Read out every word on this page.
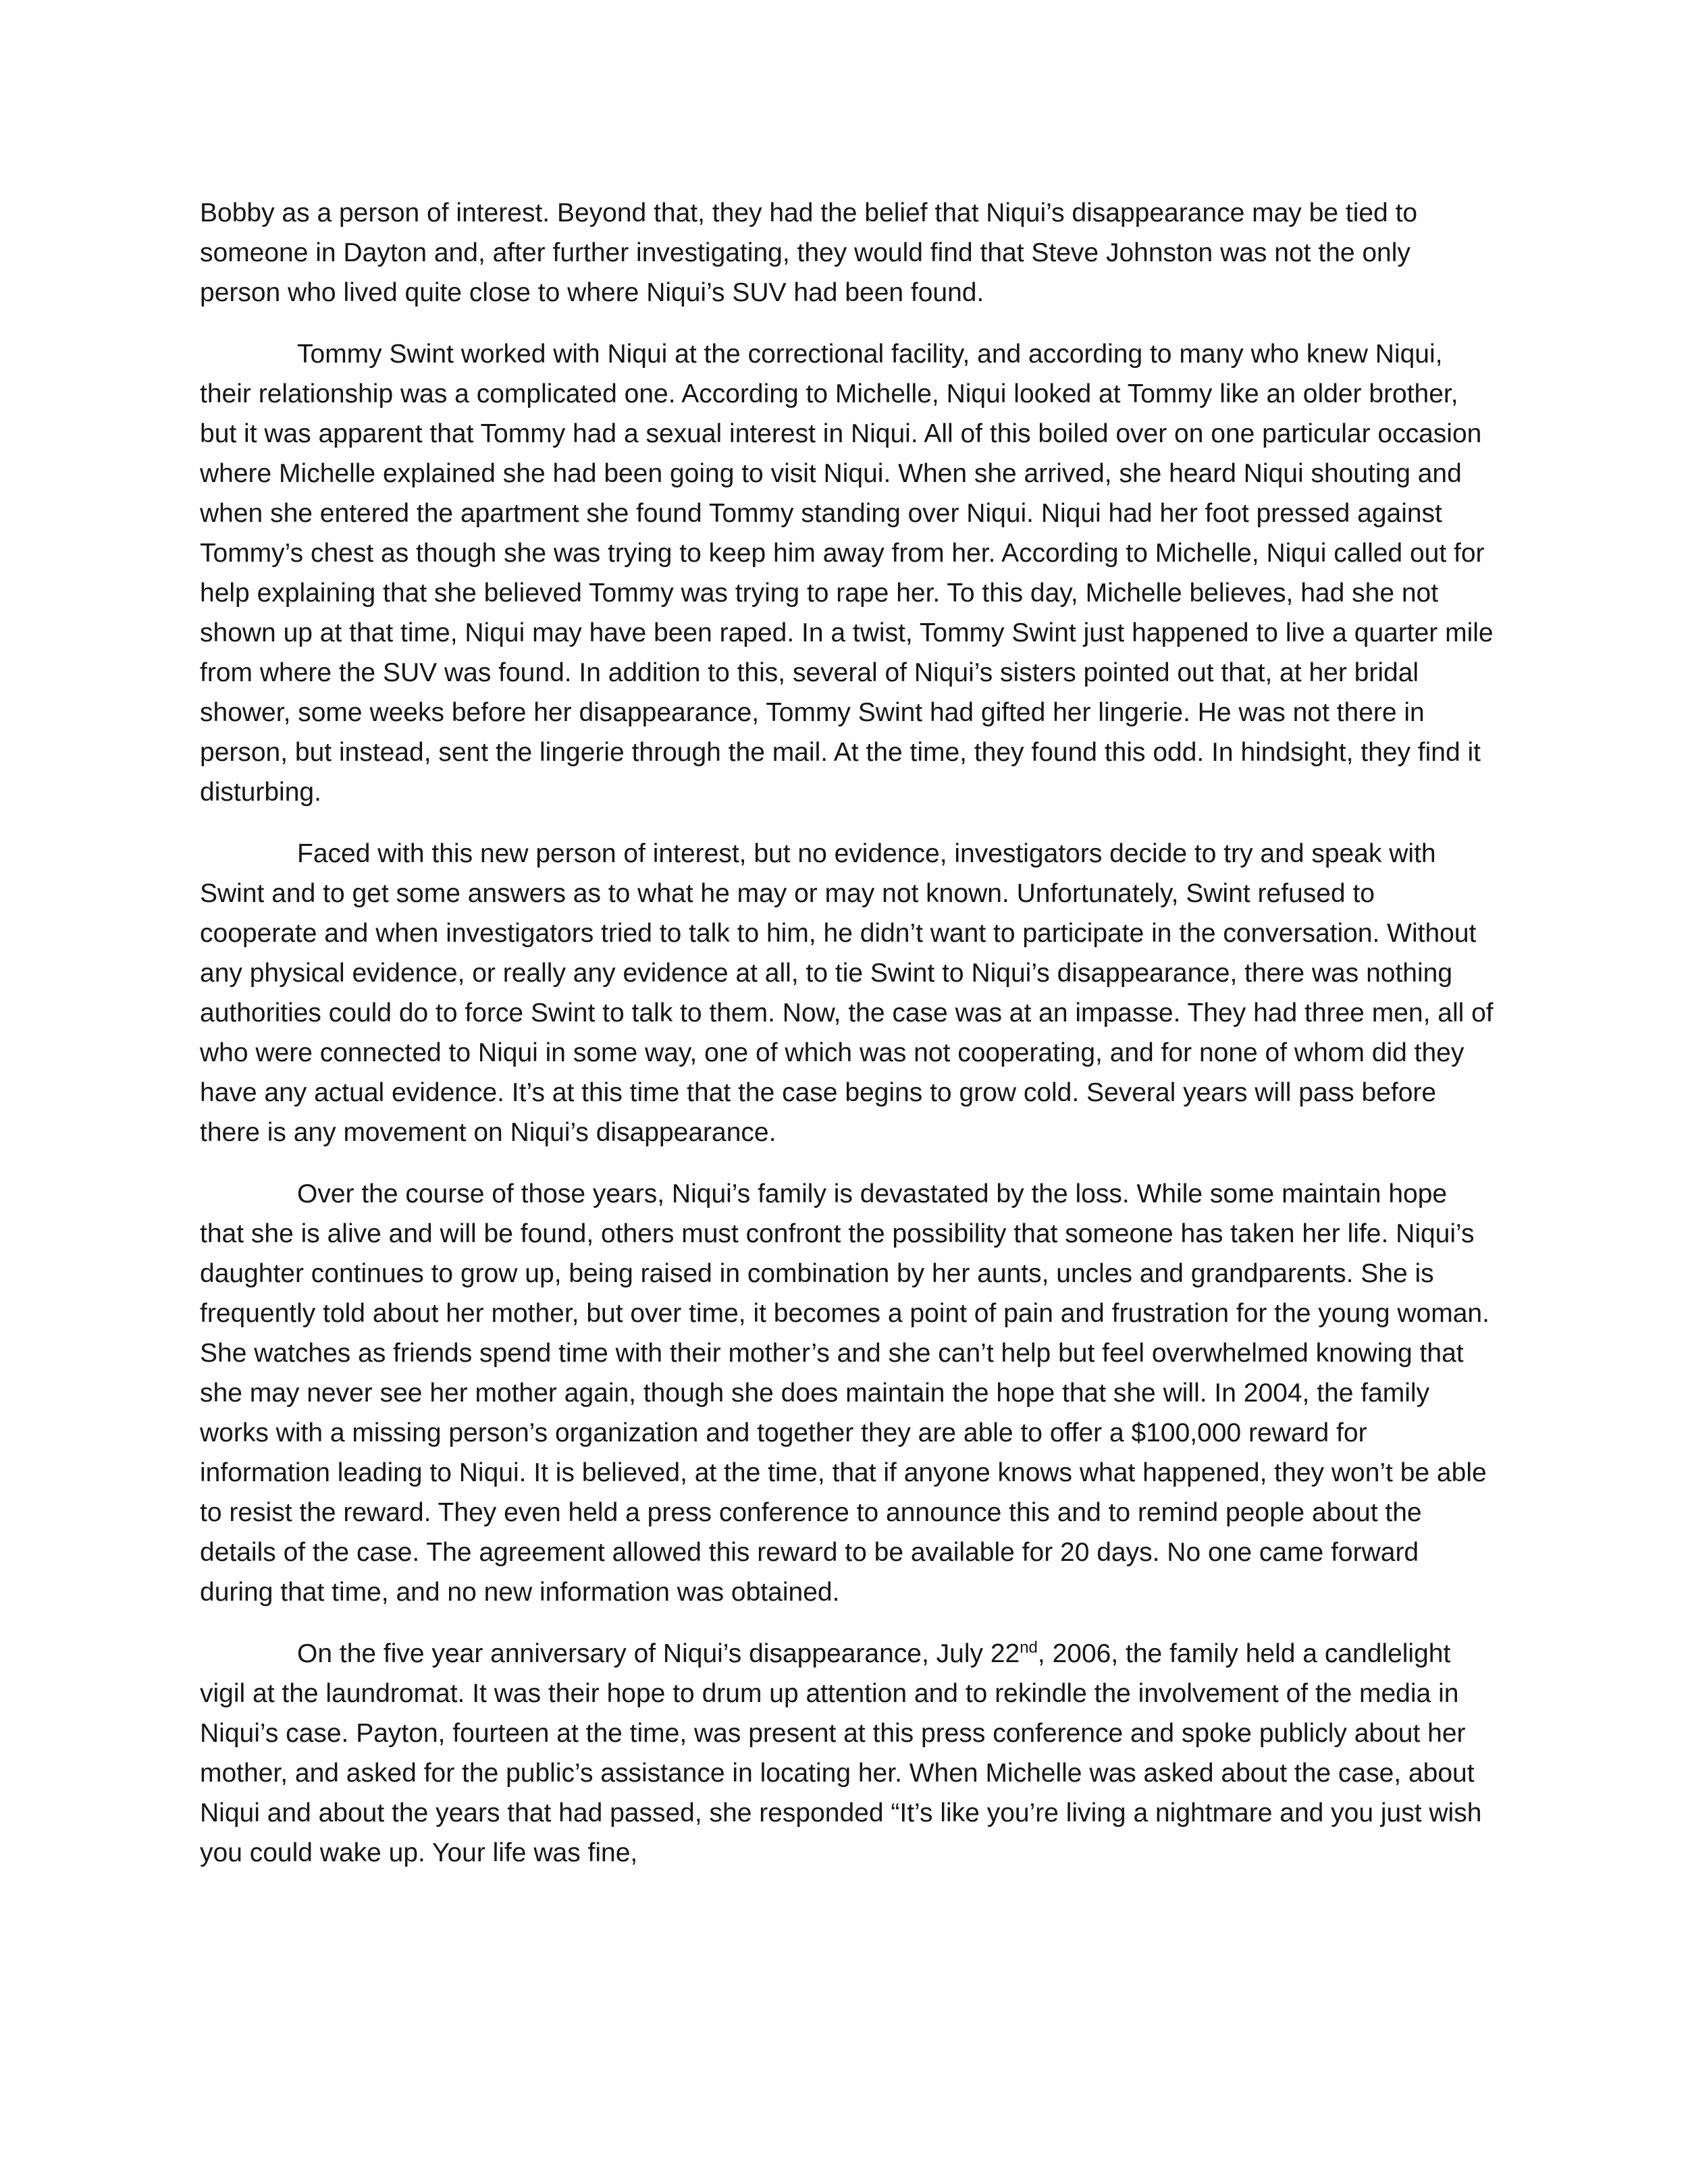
Bobby as a person of interest. Beyond that, they had the belief that Niqui’s disappearance may be tied to someone in Dayton and, after further investigating, they would find that Steve Johnston was not the only person who lived quite close to where Niqui’s SUV had been found.

Tommy Swint worked with Niqui at the correctional facility, and according to many who knew Niqui, their relationship was a complicated one. According to Michelle, Niqui looked at Tommy like an older brother, but it was apparent that Tommy had a sexual interest in Niqui. All of this boiled over on one particular occasion where Michelle explained she had been going to visit Niqui. When she arrived, she heard Niqui shouting and when she entered the apartment she found Tommy standing over Niqui. Niqui had her foot pressed against Tommy’s chest as though she was trying to keep him away from her. According to Michelle, Niqui called out for help explaining that she believed Tommy was trying to rape her. To this day, Michelle believes, had she not shown up at that time, Niqui may have been raped. In a twist, Tommy Swint just happened to live a quarter mile from where the SUV was found. In addition to this, several of Niqui’s sisters pointed out that, at her bridal shower, some weeks before her disappearance, Tommy Swint had gifted her lingerie. He was not there in person, but instead, sent the lingerie through the mail. At the time, they found this odd. In hindsight, they find it disturbing.

Faced with this new person of interest, but no evidence, investigators decide to try and speak with Swint and to get some answers as to what he may or may not known. Unfortunately, Swint refused to cooperate and when investigators tried to talk to him, he didn’t want to participate in the conversation. Without any physical evidence, or really any evidence at all, to tie Swint to Niqui’s disappearance, there was nothing authorities could do to force Swint to talk to them. Now, the case was at an impasse. They had three men, all of who were connected to Niqui in some way, one of which was not cooperating, and for none of whom did they have any actual evidence. It’s at this time that the case begins to grow cold. Several years will pass before there is any movement on Niqui’s disappearance.

Over the course of those years, Niqui’s family is devastated by the loss. While some maintain hope that she is alive and will be found, others must confront the possibility that someone has taken her life. Niqui’s daughter continues to grow up, being raised in combination by her aunts, uncles and grandparents. She is frequently told about her mother, but over time, it becomes a point of pain and frustration for the young woman. She watches as friends spend time with their mother’s and she can’t help but feel overwhelmed knowing that she may never see her mother again, though she does maintain the hope that she will. In 2004, the family works with a missing person’s organization and together they are able to offer a $100,000 reward for information leading to Niqui. It is believed, at the time, that if anyone knows what happened, they won’t be able to resist the reward. They even held a press conference to announce this and to remind people about the details of the case. The agreement allowed this reward to be available for 20 days. No one came forward during that time, and no new information was obtained.

On the five year anniversary of Niqui’s disappearance, July 22nd, 2006, the family held a candlelight vigil at the laundromat. It was their hope to drum up attention and to rekindle the involvement of the media in Niqui’s case. Payton, fourteen at the time, was present at this press conference and spoke publicly about her mother, and asked for the public’s assistance in locating her. When Michelle was asked about the case, about Niqui and about the years that had passed, she responded “It’s like you’re living a nightmare and you just wish you could wake up. Your life was fine,
